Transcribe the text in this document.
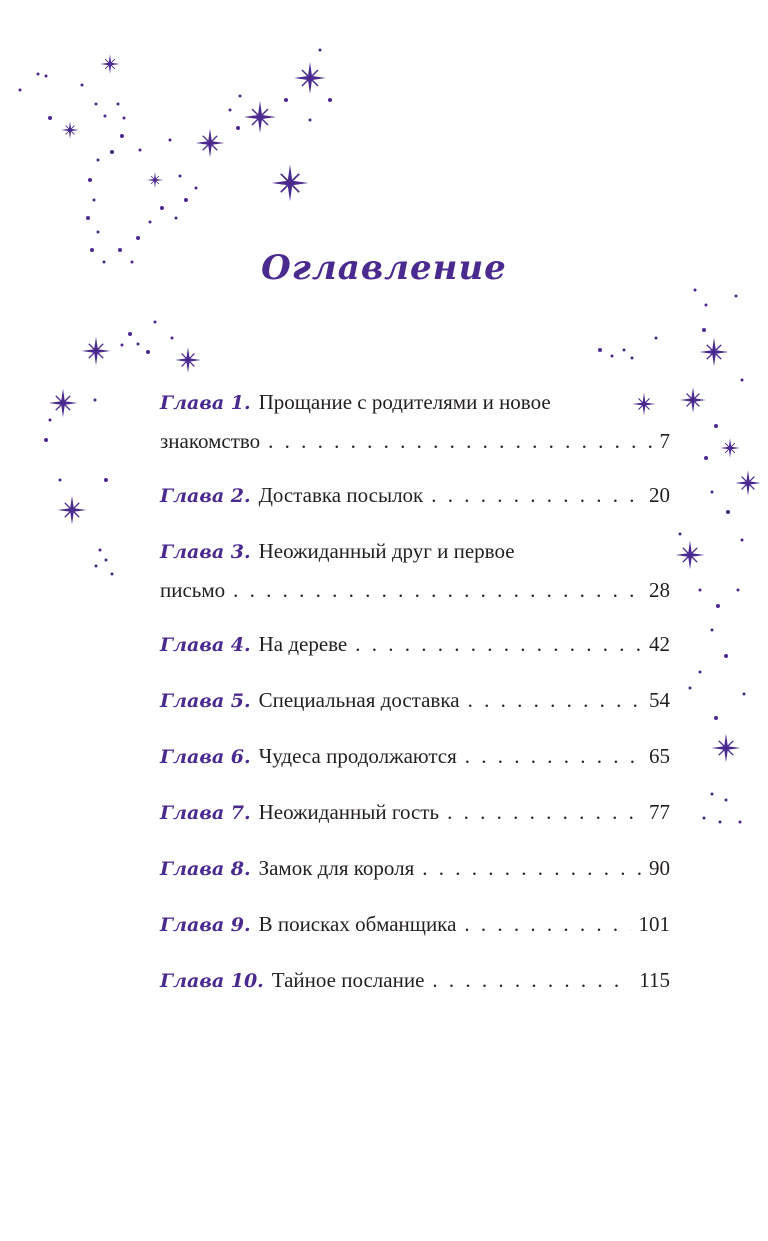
Оглавление
Глава 1. Прощание с родителями и новое
знакомство . . .	7
Глава 2. Доставка посылок . . .	20
Глава 3. Неожиданный друг и первое
письмо . . .	28
Глава 4. На дереве . . .	42
Глава 5. Специальная доставка . . .	54
Глава 6. Чудеса продолжаются . . .	65
Глава 7. Неожиданный гость . . .	77
Глава 8. Замок для короля . . .	90
Глава 9. В поисках обманщика . . .	101
Глава 10. Тайное послание . . .	115
